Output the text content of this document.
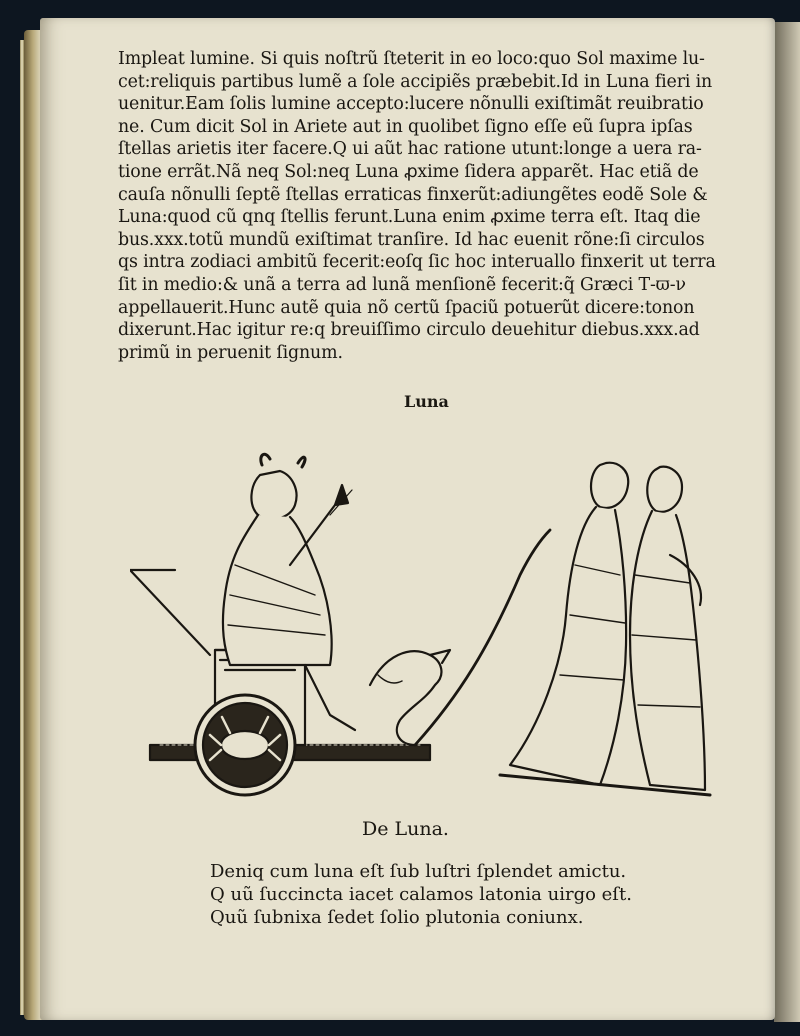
Impleat lumine. Si quis noſtrũ ſteterit in eo loco:quo Sol maxime lu‑
cet:reliquis partibus lumẽ a ſole accipiẽs præbebit.Id in Luna fieri in
uenitur.Eam ſolis lumine accepto:lucere nõnulli exiſtimãt reuibratio
ne. Cum dicit Sol in Ariete aut in quolibet ſigno eſſe eũ ſupra ipſas
ſtellas arietis iter facere.Q ui aũt hac ratione utunt:longe a uera ra‑
tione errãt.Nã neq Sol:neq Luna ꝓxime ſidera apparẽt. Hac etiã de
cauſa nõnulli ſeptẽ ſtellas erraticas finxerũt:adiungẽtes eodẽ Sole &
Luna:quod cũ qnq ſtellis ferunt.Luna enim ꝓxime terra eſt. Itaq die
bus.xxx.totũ mundũ exiſtimat tranſire. Id hac euenit rõne:ſi circulos
qs intra zodiaci ambitũ fecerit:eoſq ſic hoc interuallo finxerit ut terra
ſit in medio:& unã a terra ad lunã menſionẽ fecerit:q̃ Græci Τ‑ϖ‑ν
appellauerit.Hunc autẽ quia nõ certũ ſpaciũ potuerũt dicere:tonon
dixerunt.Hac igitur re:q breuiſſimo circulo deuehitur diebus.xxx.ad
primũ in peruenit ſignum.
Luna
De Luna.
Deniq cum luna eſt ſub luſtri ſplendet amictu.
Q uũ ſuccincta iacet calamos latonia uirgo eſt.
Quũ ſubnixa ſedet ſolio plutonia coniunx.
